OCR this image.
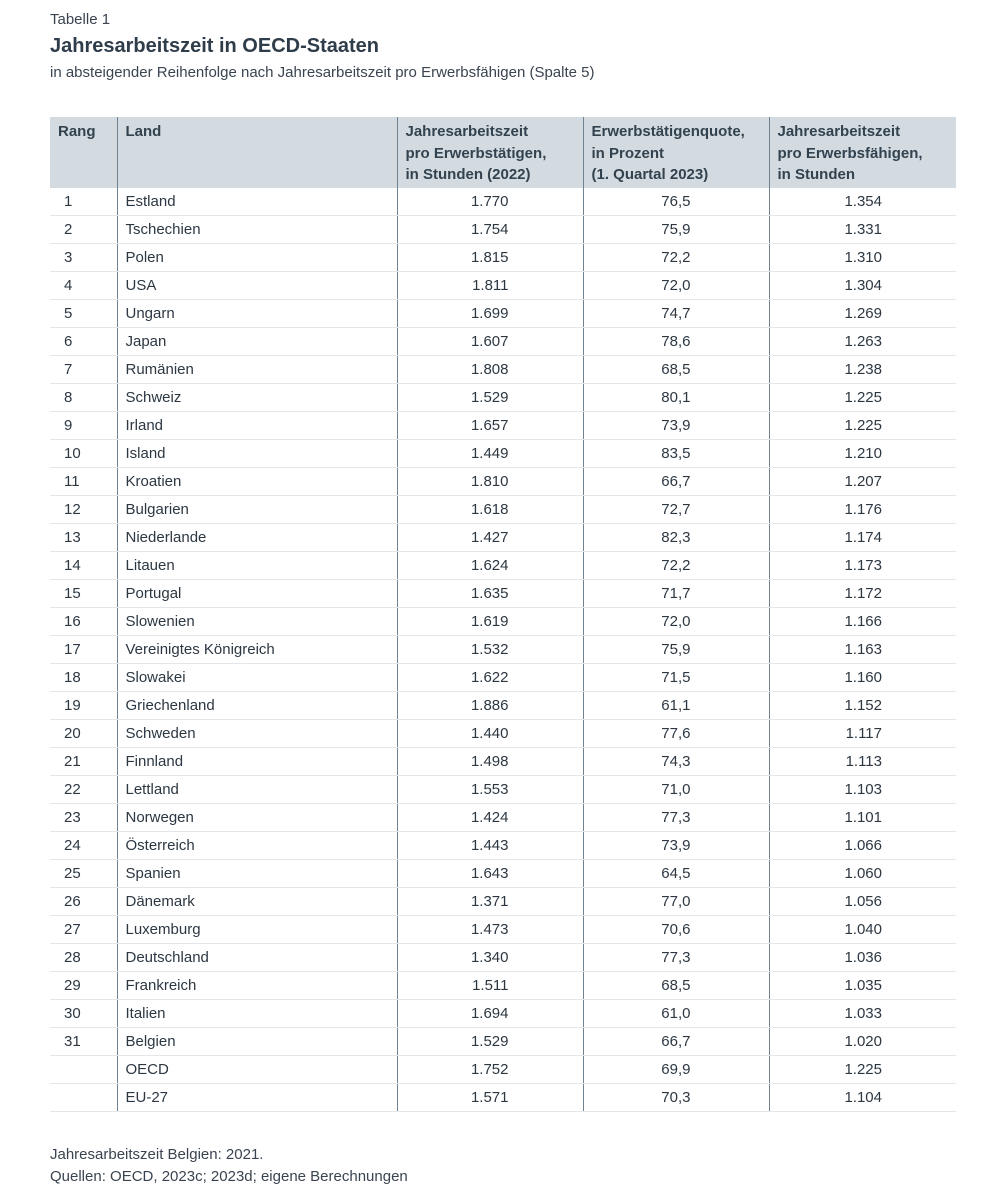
Tabelle 1

Jahresarbeitszeit in OECD-Staaten

in absteigender Reihenfolge nach Jahresarbeitszeit pro Erwerbsfähigen (Spalte 5)

Rang	Land	Jahresarbeitszeit
pro Erwerbstätigen,
in Stunden (2022)	Erwerbstätigenquote,
in Prozent
(1. Quartal 2023)	Jahresarbeitszeit
pro Erwerbsfähigen,
in Stunden
1	Estland	1.770	76,5	1.354
2	Tschechien	1.754	75,9	1.331
3	Polen	1.815	72,2	1.310
4	USA	1.811	72,0	1.304
5	Ungarn	1.699	74,7	1.269
6	Japan	1.607	78,6	1.263
7	Rumänien	1.808	68,5	1.238
8	Schweiz	1.529	80,1	1.225
9	Irland	1.657	73,9	1.225
10	Island	1.449	83,5	1.210
11	Kroatien	1.810	66,7	1.207
12	Bulgarien	1.618	72,7	1.176
13	Niederlande	1.427	82,3	1.174
14	Litauen	1.624	72,2	1.173
15	Portugal	1.635	71,7	1.172
16	Slowenien	1.619	72,0	1.166
17	Vereinigtes Königreich	1.532	75,9	1.163
18	Slowakei	1.622	71,5	1.160
19	Griechenland	1.886	61,1	1.152
20	Schweden	1.440	77,6	1.117
21	Finnland	1.498	74,3	1.113
22	Lettland	1.553	71,0	1.103
23	Norwegen	1.424	77,3	1.101
24	Österreich	1.443	73,9	1.066
25	Spanien	1.643	64,5	1.060
26	Dänemark	1.371	77,0	1.056
27	Luxemburg	1.473	70,6	1.040
28	Deutschland	1.340	77,3	1.036
29	Frankreich	1.511	68,5	1.035
30	Italien	1.694	61,0	1.033
31	Belgien	1.529	66,7	1.020
	OECD	1.752	69,9	1.225
	EU-27	1.571	70,3	1.104

Jahresarbeitszeit Belgien: 2021.

Quellen: OECD, 2023c; 2023d; eigene Berechnungen
